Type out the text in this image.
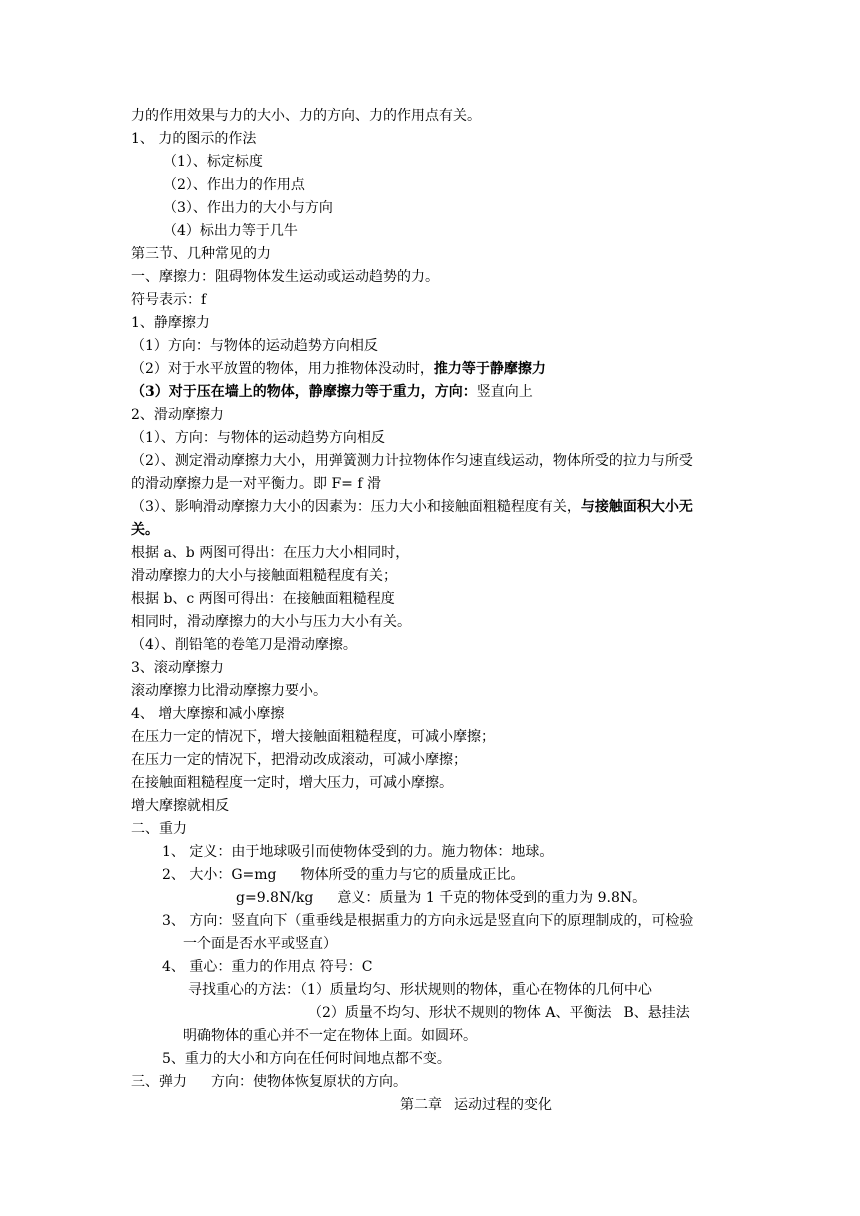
力的作用效果与力的大小、力的方向、力的作用点有关。
1、 力的图示的作法
（1）、标定标度
（2）、作出力的作用点
（3）、作出力的大小与方向
（4）标出力等于几牛
第三节、几种常见的力
一、摩擦力：阻碍物体发生运动或运动趋势的力。
符号表示：f
1、静摩擦力
（1）方向：与物体的运动趋势方向相反
（2）对于水平放置的物体，用力推物体没动时，推力等于静摩擦力
（3）对于压在墙上的物体，静摩擦力等于重力，方向：竖直向上
2、滑动摩擦力
（1）、方向：与物体的运动趋势方向相反
（2）、测定滑动摩擦力大小，用弹簧测力计拉物体作匀速直线运动，物体所受的拉力与所受
的滑动摩擦力是一对平衡力。即 F= f 滑
（3）、影响滑动摩擦力大小的因素为：压力大小和接触面粗糙程度有关，与接触面积大小无
关。
根据 a、b 两图可得出：在压力大小相同时，
滑动摩擦力的大小与接触面粗糙程度有关；
根据 b、c 两图可得出：在接触面粗糙程度
相同时，滑动摩擦力的大小与压力大小有关。
（4）、削铅笔的卷笔刀是滑动摩擦。
3、滚动摩擦力
滚动摩擦力比滑动摩擦力要小。
4、 增大摩擦和减小摩擦
在压力一定的情况下，增大接触面粗糙程度，可减小摩擦；
在压力一定的情况下，把滑动改成滚动，可减小摩擦；
在接触面粗糙程度一定时，增大压力，可减小摩擦。
增大摩擦就相反
二、重力
1、 定义：由于地球吸引而使物体受到的力。施力物体：地球。
2、 大小：G=mg 物体所受的重力与它的质量成正比。
g=9.8N/kg 意义：质量为 1 千克的物体受到的重力为 9.8N。
3、 方向：竖直向下（重垂线是根据重力的方向永远是竖直向下的原理制成的，可检验
一个面是否水平或竖直）
4、 重心：重力的作用点 符号：C
寻找重心的方法：（1）质量均匀、形状规则的物体，重心在物体的几何中心
（2）质量不均匀、形状不规则的物体 A、平衡法 B、悬挂法
明确物体的重心并不一定在物体上面。如圆环。
5、重力的大小和方向在任何时间地点都不变。
三、弹力 方向：使物体恢复原状的方向。
第二章 运动过程的变化
